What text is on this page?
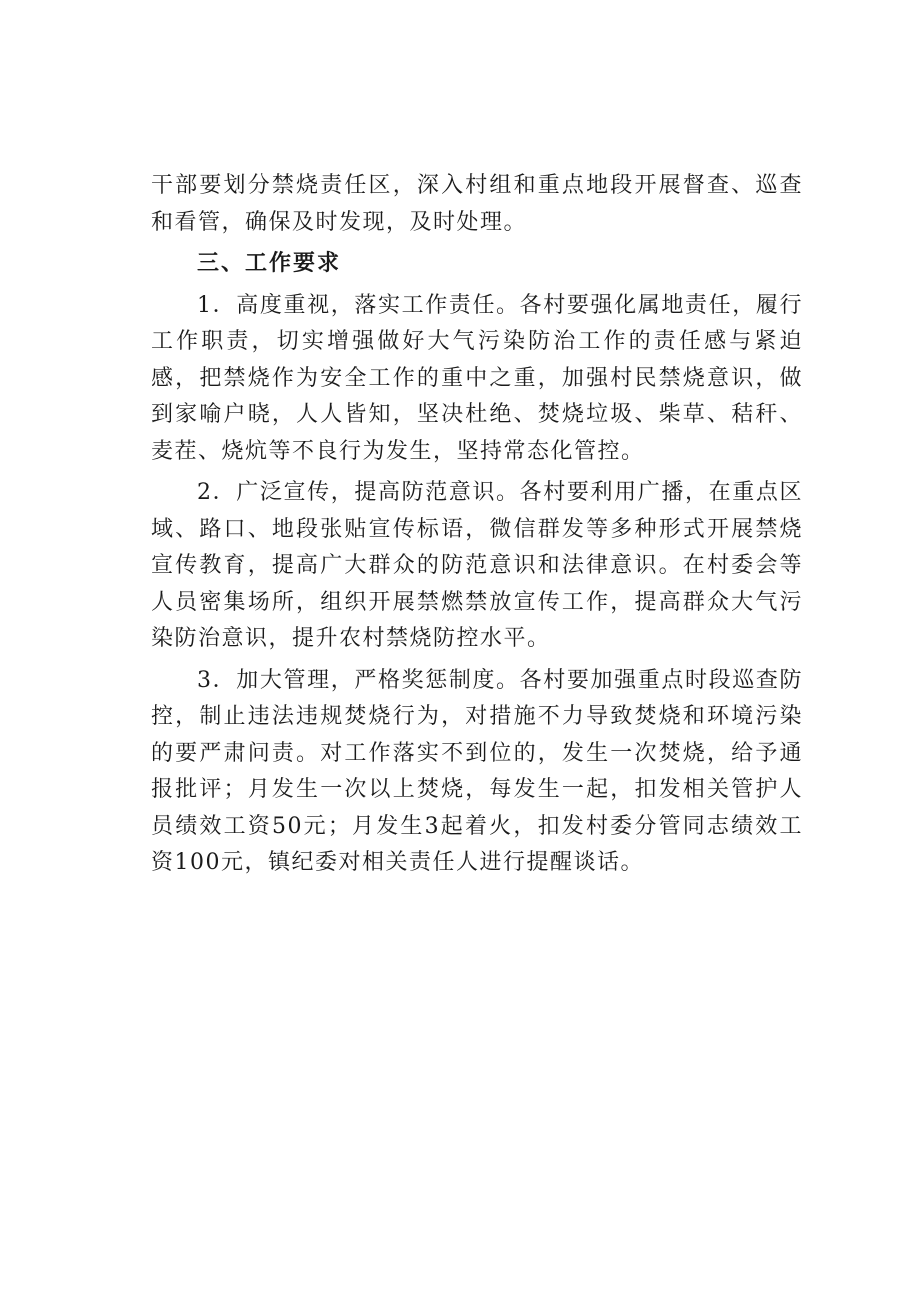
干部要划分禁烧责任区，深入村组和重点地段开展督查、巡查和看管，确保及时发现，及时处理。

三、工作要求

1．高度重视，落实工作责任。各村要强化属地责任，履行工作职责，切实增强做好大气污染防治工作的责任感与紧迫感，把禁烧作为安全工作的重中之重，加强村民禁烧意识，做到家喻户晓，人人皆知，坚决杜绝、焚烧垃圾、柴草、秸秆、麦茬、烧炕等不良行为发生，坚持常态化管控。

2．广泛宣传，提高防范意识。各村要利用广播，在重点区域、路口、地段张贴宣传标语，微信群发等多种形式开展禁烧宣传教育，提高广大群众的防范意识和法律意识。在村委会等人员密集场所，组织开展禁燃禁放宣传工作，提高群众大气污染防治意识，提升农村禁烧防控水平。

3．加大管理，严格奖惩制度。各村要加强重点时段巡查防控，制止违法违规焚烧行为，对措施不力导致焚烧和环境污染的要严肃问责。对工作落实不到位的，发生一次焚烧，给予通报批评；月发生一次以上焚烧，每发生一起，扣发相关管护人员绩效工资50元；月发生3起着火，扣发村委分管同志绩效工资100元，镇纪委对相关责任人进行提醒谈话。
